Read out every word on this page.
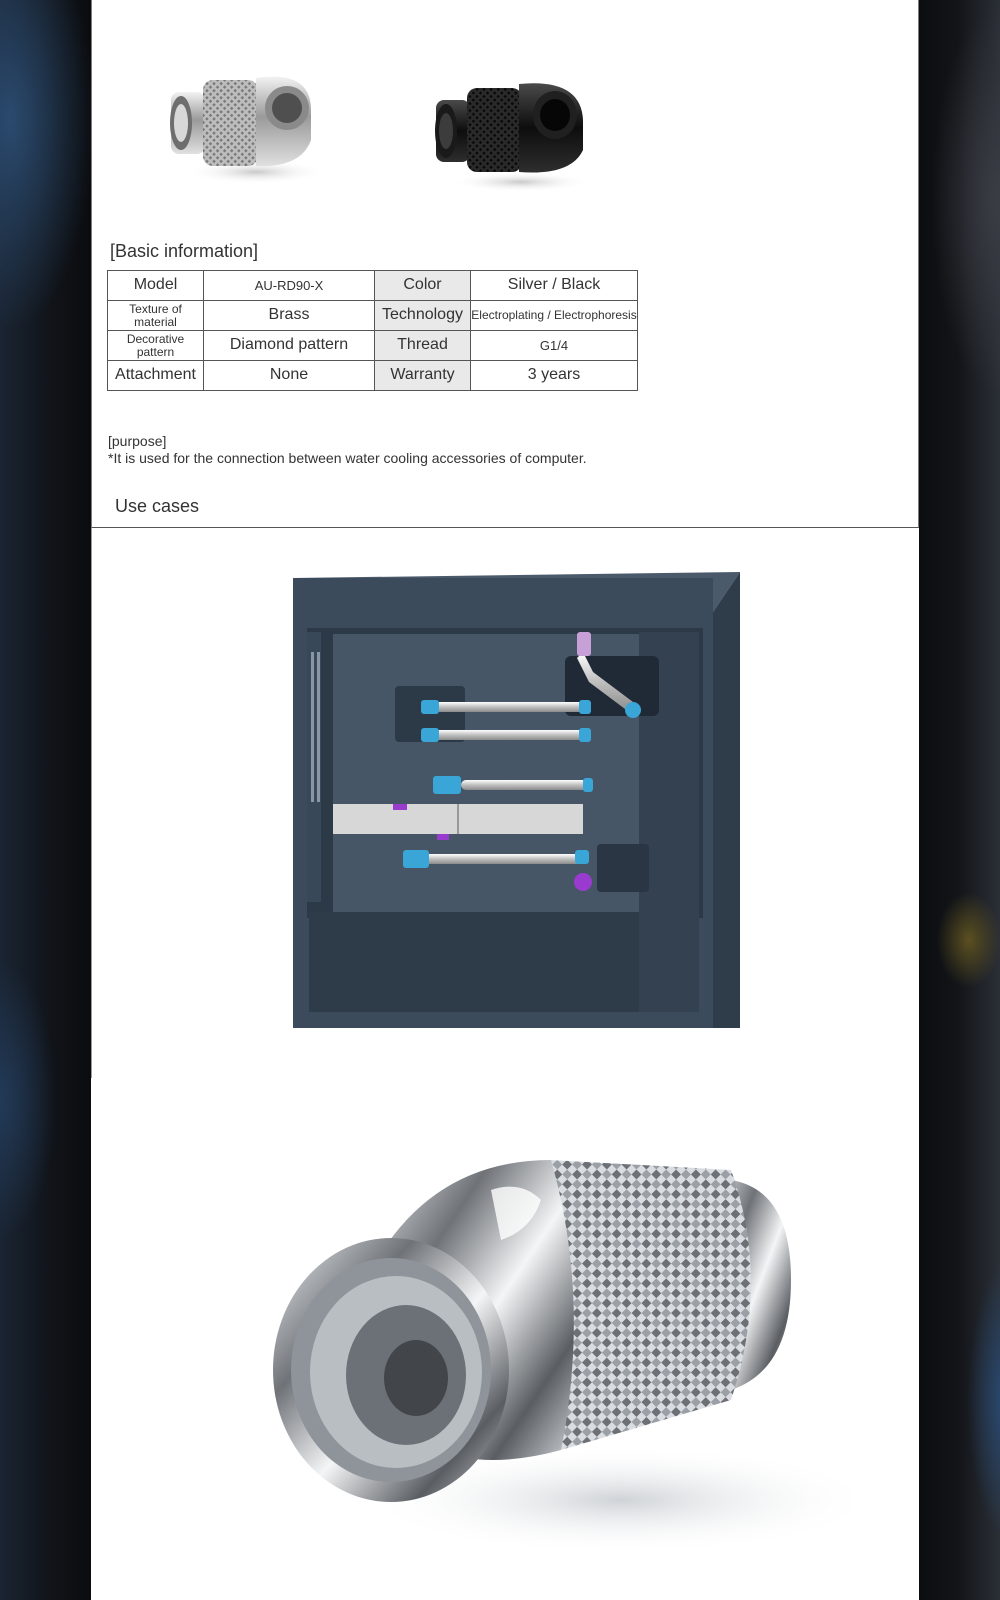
[Basic information]
Model	AU-RD90-X	Color	Silver / Black
Texture of material	Brass	Technology	Electroplating / Electrophoresis
Decorative pattern	Diamond pattern	Thread	G1/4
Attachment	None	Warranty	3 years
[purpose]
*It is used for the connection between water cooling accessories of computer.
Use cases
